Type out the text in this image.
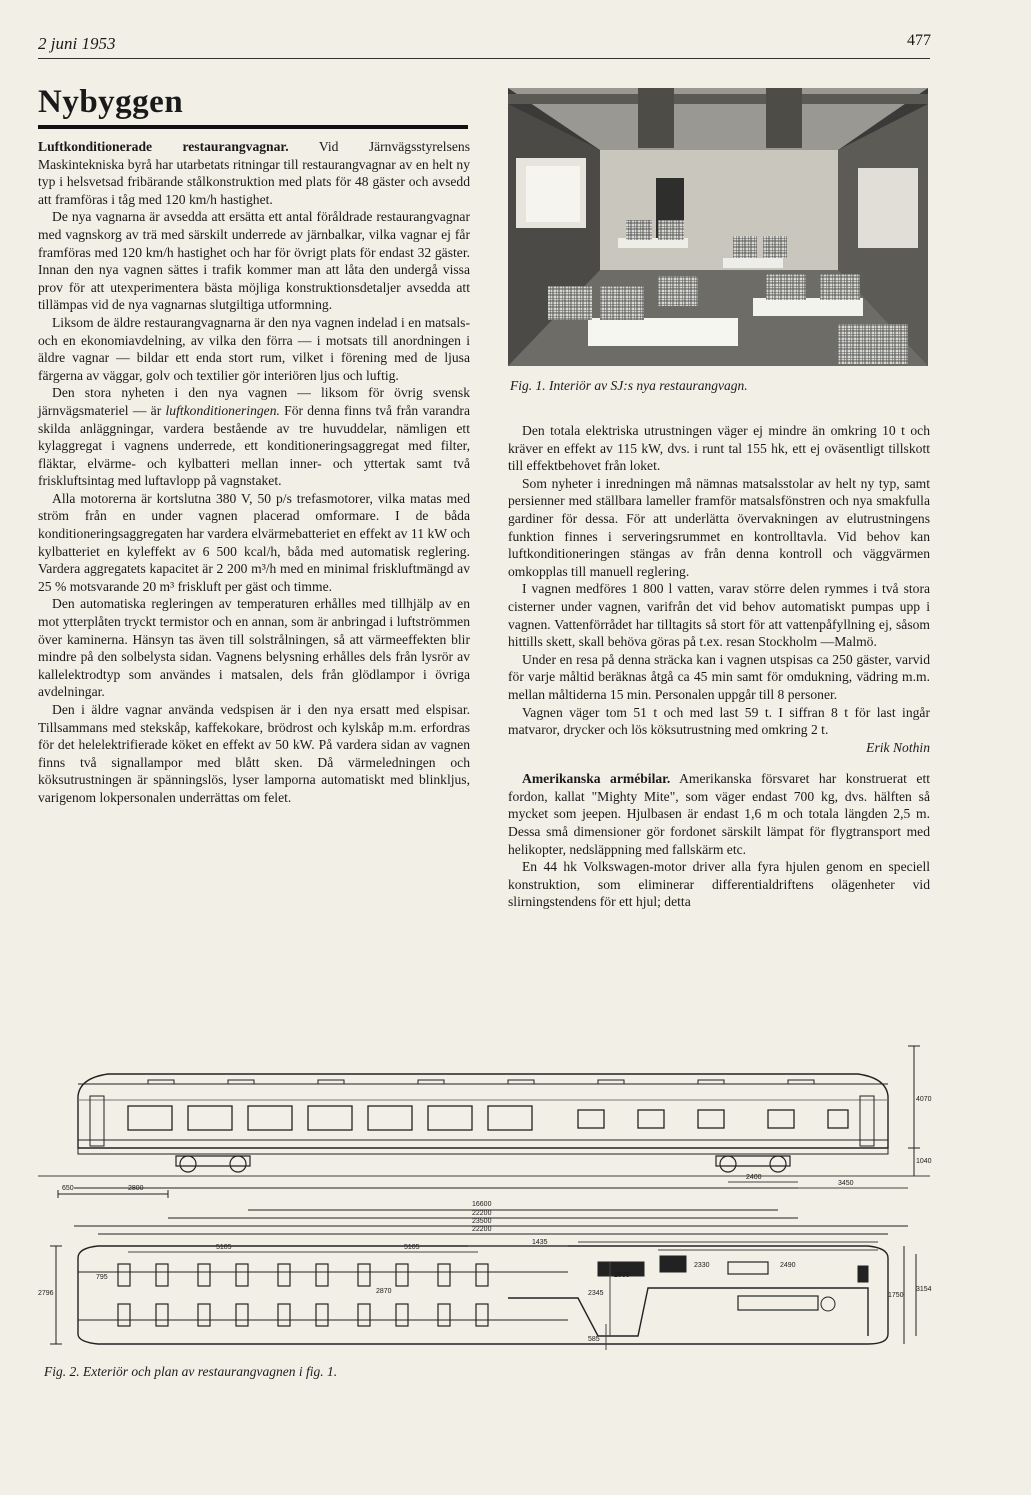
2 juni 1953	477
Nybyggen

Luftkonditionerade restaurangvagnar. Vid Järnvägsstyrelsens Maskintekniska byrå har utarbetats ritningar till restaurangvagnar av en helt ny typ i helsvetsad fribärande stålkonstruktion med plats för 48 gäster och avsedd att framföras i tåg med 120 km/h hastighet.

De nya vagnarna är avsedda att ersätta ett antal föråldrade restaurangvagnar med vagnskorg av trä med särskilt underrede av järnbalkar, vilka vagnar ej får framföras med 120 km/h hastighet och har för övrigt plats för endast 32 gäster. Innan den nya vagnen sättes i trafik kommer man att låta den undergå vissa prov för att utexperimentera bästa möjliga konstruktionsdetaljer avsedda att tillämpas vid de nya vagnarnas slutgiltiga utformning.

Liksom de äldre restaurangvagnarna är den nya vagnen indelad i en matsals- och en ekonomiavdelning, av vilka den förra — i motsats till anordningen i äldre vagnar — bildar ett enda stort rum, vilket i förening med de ljusa färgerna av väggar, golv och textilier gör interiören ljus och luftig.

Den stora nyheten i den nya vagnen — liksom för övrig svensk järnvägsmateriel — är luftkonditioneringen. För denna finns två från varandra skilda anläggningar, vardera bestående av tre huvuddelar, nämligen ett kylaggregat i vagnens underrede, ett konditioneringsaggregat med filter, fläktar, elvärme- och kylbatteri mellan inner- och yttertak samt två friskluftsintag med luftavlopp på vagnstaket.

Alla motorerna är kortslutna 380 V, 50 p/s trefasmotorer, vilka matas med ström från en under vagnen placerad omformare. I de båda konditioneringsaggregaten har vardera elvärmebatteriet en effekt av 11 kW och kylbatteriet en kyleffekt av 6 500 kcal/h, båda med automatisk reglering. Vardera aggregatets kapacitet är 2 200 m³/h med en minimal friskluftmängd av 25 % motsvarande 20 m³ friskluft per gäst och timme.

Den automatiska regleringen av temperaturen erhålles med tillhjälp av en mot ytterplåten tryckt termistor och en annan, som är anbringad i luftströmmen över kaminerna. Hänsyn tas även till solstrålningen, så att värmeeffekten blir mindre på den solbelysta sidan. Vagnens belysning erhålles dels från lysrör av kallelektrodtyp som användes i matsalen, dels från glödlampor i övriga avdelningar.

Den i äldre vagnar använda vedspisen är i den nya ersatt med elspisar. Tillsammans med stekskåp, kaffekokare, brödrost och kylskåp m.m. erfordras för det helelektrifierade köket en effekt av 50 kW. På vardera sidan av vagnen finns två signallampor med blått sken. Då värmeledningen och köksutrustningen är spänningslös, lyser lamporna automatiskt med blinkljus, varigenom lokpersonalen underrättas om felet.

Fig. 1. Interiör av SJ:s nya restaurangvagn.

Den totala elektriska utrustningen väger ej mindre än omkring 10 t och kräver en effekt av 115 kW, dvs. i runt tal 155 hk, ett ej oväsentligt tillskott till effektbehovet från loket.

Som nyheter i inredningen må nämnas matsalsstolar av helt ny typ, samt persienner med ställbara lameller framför matsalsfönstren och nya smakfulla gardiner för dessa. För att underlätta övervakningen av elutrustningens funktion finnes i serveringsrummet en kontrolltavla. Vid behov kan luftkonditioneringen stängas av från denna kontroll och väggvärmen omkopplas till manuell reglering.

I vagnen medföres 1 800 l vatten, varav större delen rymmes i två stora cisterner under vagnen, varifrån det vid behov automatiskt pumpas upp i vagnen. Vattenförrådet har tilltagits så stort för att vattenpåfyllning ej, såsom hittills skett, skall behöva göras på t.ex. resan Stockholm —Malmö.

Under en resa på denna sträcka kan i vagnen utspisas ca 250 gäster, varvid för varje måltid beräknas åtgå ca 45 min samt för omdukning, vädring m.m. mellan måltiderna 15 min. Personalen uppgår till 8 personer.

Vagnen väger tom 51 t och med last 59 t. I siffran 8 t för last ingår matvaror, drycker och lös köksutrustning med omkring 2 t.

Erik Nothin

Amerikanska armébilar. Amerikanska försvaret har konstruerat ett fordon, kallat "Mighty Mite", som väger endast 700 kg, dvs. hälften så mycket som jeepen. Hjulbasen är endast 1,6 m och totala längden 2,5 m. Dessa små dimensioner gör fordonet särskilt lämpat för flygtransport med helikopter, nedsläppning med fallskärm etc.

En 44 hk Volkswagen-motor driver alla fyra hjulen genom en speciell konstruktion, som eliminerar differentialdriftens olägenheter vid slirningstendens för ett hjul; detta

650	2800
2400
3450
16600
22200
23500
22200
4070
1040
5105	5105
1435
2935
2330	2490
2870	2345
585
1750
3154
2796
795
Fig. 2. Exteriör och plan av restaurangvagnen i fig. 1.
